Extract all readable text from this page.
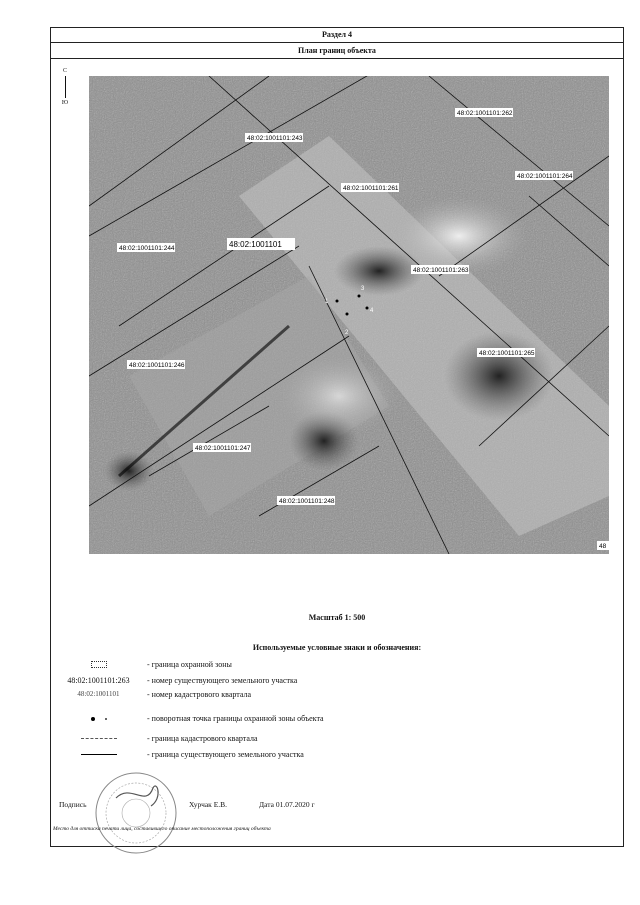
Раздел 4
План границ объекта
С
Ю
48:02:1001101:262
48:02:1001101:243
48:02:1001101:261
48:02:1001101:264
48:02:1001101:244	48:02:1001101
48:02:1001101:263
48:02:1001101:265
48:02:1001101:246
48:02:1001101:247
48:02:1001101:248
48
1
2
3
4
Масштаб 1: 500
Используемые условные знаки и обозначения:
- граница охранной зоны
48:02:1001101:263	- номер существующего земельного участка
48:02:1001101	- номер кадастрового квартала

- поворотная точка границы охранной зоны объекта
- граница кадастрового квартала
- граница существующего земельного участка
Подпись	Хурчак Е.В.	Дата 01.07.2020 г
Место для оттиска печати лица, составившего описание местоположения границ объекта
